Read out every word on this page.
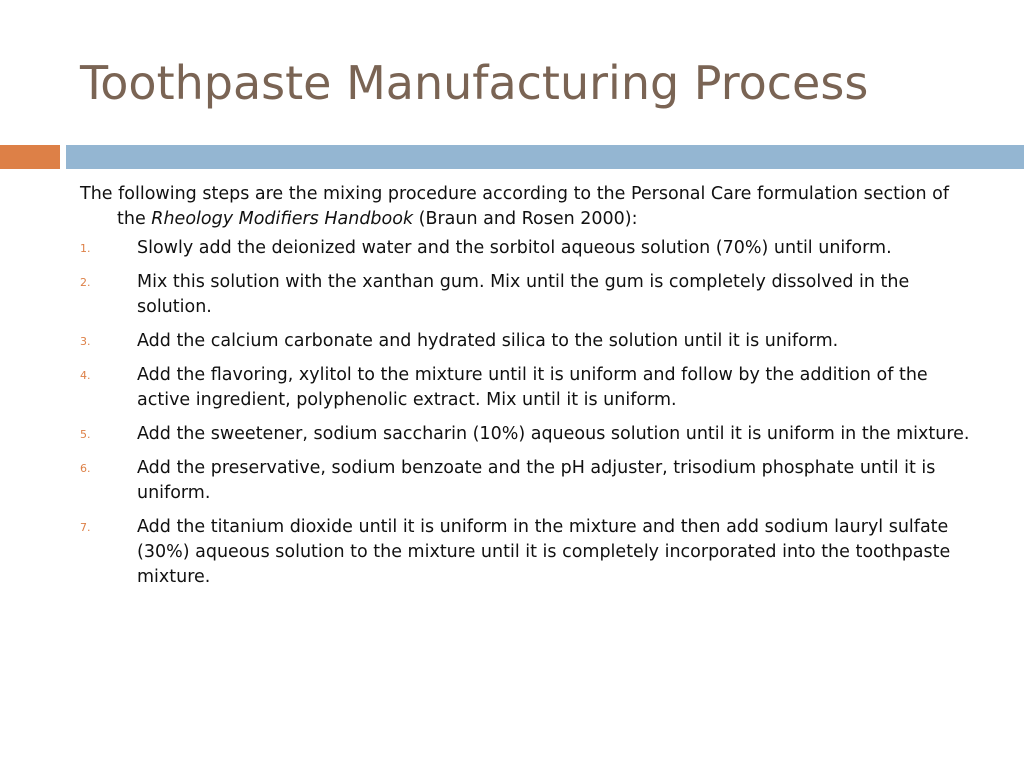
Toothpaste Manufacturing Process

The following steps are the mixing procedure according to the Personal Care formulation section of the Rheology Modifiers Handbook (Braun and Rosen 2000):

1.	Slowly add the deionized water and the sorbitol aqueous solution (70%) until uniform.
2.	Mix this solution with the xanthan gum. Mix until the gum is completely dissolved in the solution.
3.	Add the calcium carbonate and hydrated silica to the solution until it is uniform.
4.	Add the flavoring, xylitol to the mixture until it is uniform and follow by the addition of the active ingredient, polyphenolic extract. Mix until it is uniform.
5.	Add the sweetener, sodium saccharin (10%) aqueous solution until it is uniform in the mixture.
6.	Add the preservative, sodium benzoate and the pH adjuster, trisodium phosphate until it is uniform.
7.	Add the titanium dioxide until it is uniform in the mixture and then add sodium lauryl sulfate (30%) aqueous solution to the mixture until it is completely incorporated into the toothpaste mixture.
